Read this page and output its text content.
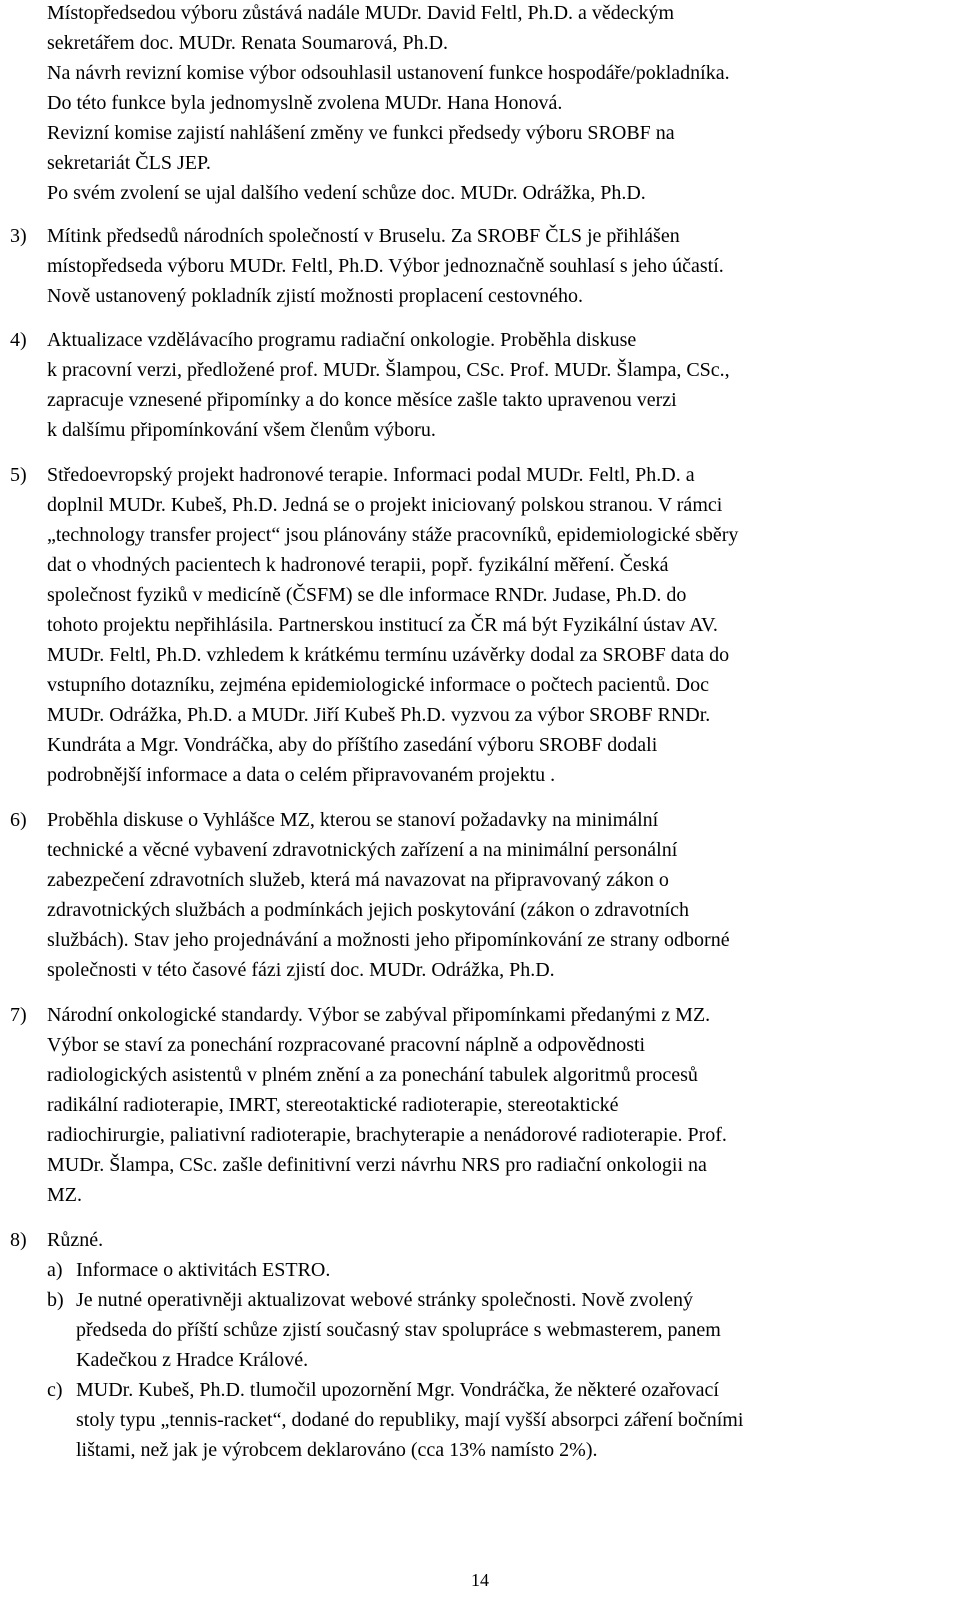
Místopředsedou výboru zůstává nadále MUDr. David Feltl, Ph.D. a vědeckým
sekretářem doc. MUDr. Renata Soumarová, Ph.D.
Na návrh revizní komise výbor odsouhlasil ustanovení funkce hospodáře/pokladníka.
Do této funkce byla jednomyslně zvolena MUDr. Hana Honová.
Revizní komise zajistí nahlášení změny ve funkci předsedy výboru SROBF na
sekretariát ČLS JEP.
Po svém zvolení se ujal dalšího vedení schůze doc. MUDr. Odrážka, Ph.D.
3) Mítink předsedů národních společností v Bruselu. Za SROBF ČLS je přihlášen
místopředseda výboru MUDr. Feltl, Ph.D. Výbor jednoznačně souhlasí s jeho účastí.
Nově ustanovený pokladník zjistí možnosti proplacení cestovného.
4) Aktualizace vzdělávacího programu radiační onkologie. Proběhla diskuse
k pracovní verzi, předložené prof. MUDr. Šlampou, CSc. Prof. MUDr. Šlampa, CSc.,
zapracuje vznesené připomínky a do konce měsíce zašle takto upravenou verzi
k dalšímu připomínkování všem členům výboru.
5) Středoevropský projekt hadronové terapie. Informaci podal MUDr. Feltl, Ph.D. a
doplnil MUDr. Kubeš, Ph.D. Jedná se o projekt iniciovaný polskou stranou. V rámci
„technology transfer project“ jsou plánovány stáže pracovníků, epidemiologické sběry
dat o vhodných pacientech k hadronové terapii, popř. fyzikální měření. Česká
společnost fyziků v medicíně (ČSFM) se dle informace RNDr. Judase, Ph.D. do
tohoto projektu nepřihlásila. Partnerskou institucí za ČR má být Fyzikální ústav AV.
MUDr. Feltl, Ph.D. vzhledem k krátkému termínu uzávěrky dodal za SROBF data do
vstupního dotazníku, zejména epidemiologické informace o počtech pacientů. Doc
MUDr. Odrážka, Ph.D. a MUDr. Jiří Kubeš Ph.D. vyzvou za výbor SROBF RNDr.
Kundráta a Mgr. Vondráčka, aby do příštího zasedání výboru SROBF dodali
podrobnější informace a data o celém připravovaném projektu .
6) Proběhla diskuse o Vyhlášce MZ, kterou se stanoví požadavky na minimální
technické a věcné vybavení zdravotnických zařízení a na minimální personální
zabezpečení zdravotních služeb, která má navazovat na připravovaný zákon o
zdravotnických službách a podmínkách jejich poskytování (zákon o zdravotních
službách). Stav jeho projednávání a možnosti jeho připomínkování ze strany odborné
společnosti v této časové fázi zjistí doc. MUDr. Odrážka, Ph.D.
7) Národní onkologické standardy. Výbor se zabýval připomínkami předanými z MZ.
Výbor se staví za ponechání rozpracované pracovní náplně a odpovědnosti
radiologických asistentů v plném znění a za ponechání tabulek algoritmů procesů
radikální radioterapie, IMRT, stereotaktické radioterapie, stereotaktické
radiochirurgie, paliativní radioterapie, brachyterapie a nenádorové radioterapie. Prof.
MUDr. Šlampa, CSc. zašle definitivní verzi návrhu NRS pro radiační onkologii na
MZ.
8) Různé.
a) Informace o aktivitách ESTRO.
b) Je nutné operativněji aktualizovat webové stránky společnosti. Nově zvolený
předseda do příští schůze zjistí současný stav spolupráce s webmasterem, panem
Kadečkou z Hradce Králové.
c) MUDr. Kubeš, Ph.D. tlumočil upozornění Mgr. Vondráčka, že některé ozařovací
stoly typu „tennis-racket“, dodané do republiky, mají vyšší absorpci záření bočními
lištami, než jak je výrobcem deklarováno (cca 13% namísto 2%).
14
